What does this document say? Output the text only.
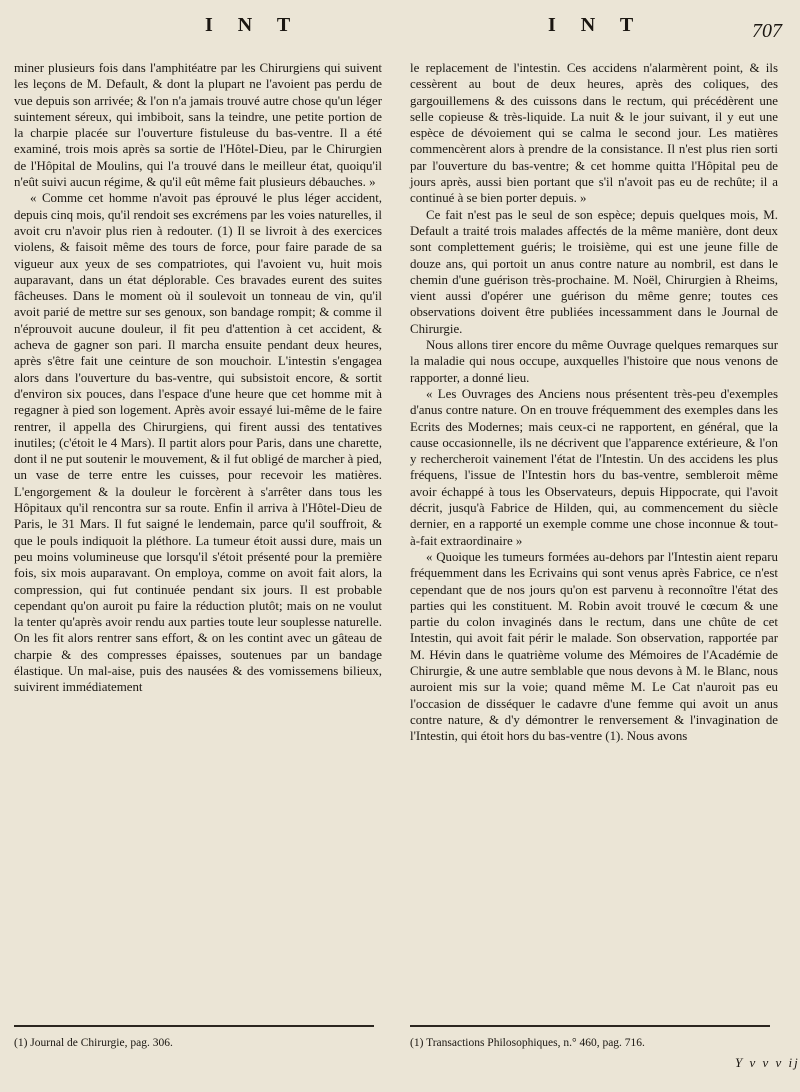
I N T	I N T	707

miner plusieurs fois dans l'amphitéatre par les Chirurgiens qui suivent les leçons de M. Default, & dont la plupart ne l'avoient pas perdu de vue depuis son arrivée; & l'on n'a jamais trouvé autre chose qu'un léger suintement séreux, qui imbiboit, sans la teindre, une petite portion de la charpie placée sur l'ouverture fistuleuse du bas-ventre. Il a été examiné, trois mois après sa sortie de l'Hôtel-Dieu, par le Chirurgien de l'Hôpital de Moulins, qui l'a trouvé dans le meilleur état, quoiqu'il n'eût suivi aucun régime, & qu'il eût même fait plusieurs débauches. »

« Comme cet homme n'avoit pas éprouvé le plus léger accident, depuis cinq mois, qu'il rendoit ses excrémens par les voies naturelles, il avoit cru n'avoir plus rien à redouter. (1) Il se livroit à des exercices violens, & faisoit même des tours de force, pour faire parade de sa vigueur aux yeux de ses compatriotes, qui l'avoient vu, huit mois auparavant, dans un état déplorable. Ces bravades eurent des suites fâcheuses. Dans le moment où il soulevoit un tonneau de vin, qu'il avoit parié de mettre sur ses genoux, son bandage rompit; & comme il n'éprouvoit aucune douleur, il fit peu d'attention à cet accident, & acheva de gagner son pari. Il marcha ensuite pendant deux heures, après s'être fait une ceinture de son mouchoir. L'intestin s'engagea alors dans l'ouverture du bas-ventre, qui subsistoit encore, & sortit d'environ six pouces, dans l'espace d'une heure que cet homme mit à regagner à pied son logement. Après avoir essayé lui-même de le faire rentrer, il appella des Chirurgiens, qui firent aussi des tentatives inutiles; (c'étoit le 4 Mars). Il partit alors pour Paris, dans une charette, dont il ne put soutenir le mouvement, & il fut obligé de marcher à pied, un vase de terre entre les cuisses, pour recevoir les matières. L'engorgement & la douleur le forcèrent à s'arrêter dans tous les Hôpitaux qu'il rencontra sur sa route. Enfin il arriva à l'Hôtel-Dieu de Paris, le 31 Mars. Il fut saigné le lendemain, parce qu'il souffroit, & que le pouls indiquoit la pléthore. La tumeur étoit aussi dure, mais un peu moins volumineuse que lorsqu'il s'étoit présenté pour la première fois, six mois auparavant. On employa, comme on avoit fait alors, la compression, qui fut continuée pendant six jours. Il est probable cependant qu'on auroit pu faire la réduction plutôt; mais on ne voulut la tenter qu'après avoir rendu aux parties toute leur souplesse naturelle. On les fit alors rentrer sans effort, & on les contint avec un gâteau de charpie & des compresses épaisses, soutenues par un bandage élastique. Un mal-aise, puis des nausées & des vomissemens bilieux, suivirent immédiatement

le replacement de l'intestin. Ces accidens n'alarmèrent point, & ils cessèrent au bout de deux heures, après des coliques, des gargouillemens & des cuissons dans le rectum, qui précédèrent une selle copieuse & très-liquide. La nuit & le jour suivant, il y eut une espèce de dévoiement qui se calma le second jour. Les matières commencèrent alors à prendre de la consistance. Il n'est plus rien sorti par l'ouverture du bas-ventre; & cet homme quitta l'Hôpital peu de jours après, aussi bien portant que s'il n'avoit pas eu de rechûte; il a continué à se bien porter depuis. »

Ce fait n'est pas le seul de son espèce; depuis quelques mois, M. Default a traité trois malades affectés de la même manière, dont deux sont complettement guéris; le troisième, qui est une jeune fille de douze ans, qui portoit un anus contre nature au nombril, est dans le chemin d'une guérison très-prochaine. M. Noël, Chirurgien à Rheims, vient aussi d'opérer une guérison du même genre; toutes ces observations doivent être publiées incessamment dans le Journal de Chirurgie.

Nous allons tirer encore du même Ouvrage quelques remarques sur la maladie qui nous occupe, auxquelles l'histoire que nous venons de rapporter, a donné lieu.

« Les Ouvrages des Anciens nous présentent très-peu d'exemples d'anus contre nature. On en trouve fréquemment des exemples dans les Ecrits des Modernes; mais ceux-ci ne rapportent, en général, que la cause occasionnelle, ils ne décrivent que l'apparence extérieure, & l'on y rechercheroit vainement l'état de l'Intestin. Un des accidens les plus fréquens, l'issue de l'Intestin hors du bas-ventre, sembleroit même avoir échappé à tous les Observateurs, depuis Hippocrate, qui l'avoit décrit, jusqu'à Fabrice de Hilden, qui, au commencement du siècle dernier, en a rapporté un exemple comme une chose inconnue & tout-à-fait extraordinaire »

« Quoique les tumeurs formées au-dehors par l'Intestin aient reparu fréquemment dans les Ecrivains qui sont venus après Fabrice, ce n'est cependant que de nos jours qu'on est parvenu à reconnoître l'état des parties qui les constituent. M. Robin avoit trouvé le cœcum & une partie du colon invaginés dans le rectum, dans une chûte de cet Intestin, qui avoit fait périr le malade. Son observation, rapportée par M. Hévin dans le quatrième volume des Mémoires de l'Académie de Chirurgie, & une autre semblable que nous devons à M. le Blanc, nous auroient mis sur la voie; quand même M. Le Cat n'auroit pas eu l'occasion de disséquer le cadavre d'une femme qui avoit un anus contre nature, & d'y démontrer le renversement & l'invagination de l'Intestin, qui étoit hors du bas-ventre (1). Nous avons

(1) Journal de Chirurgie, pag. 306.	(1) Transactions Philosophiques, n.° 460, pag. 716.
Y v v v ij
